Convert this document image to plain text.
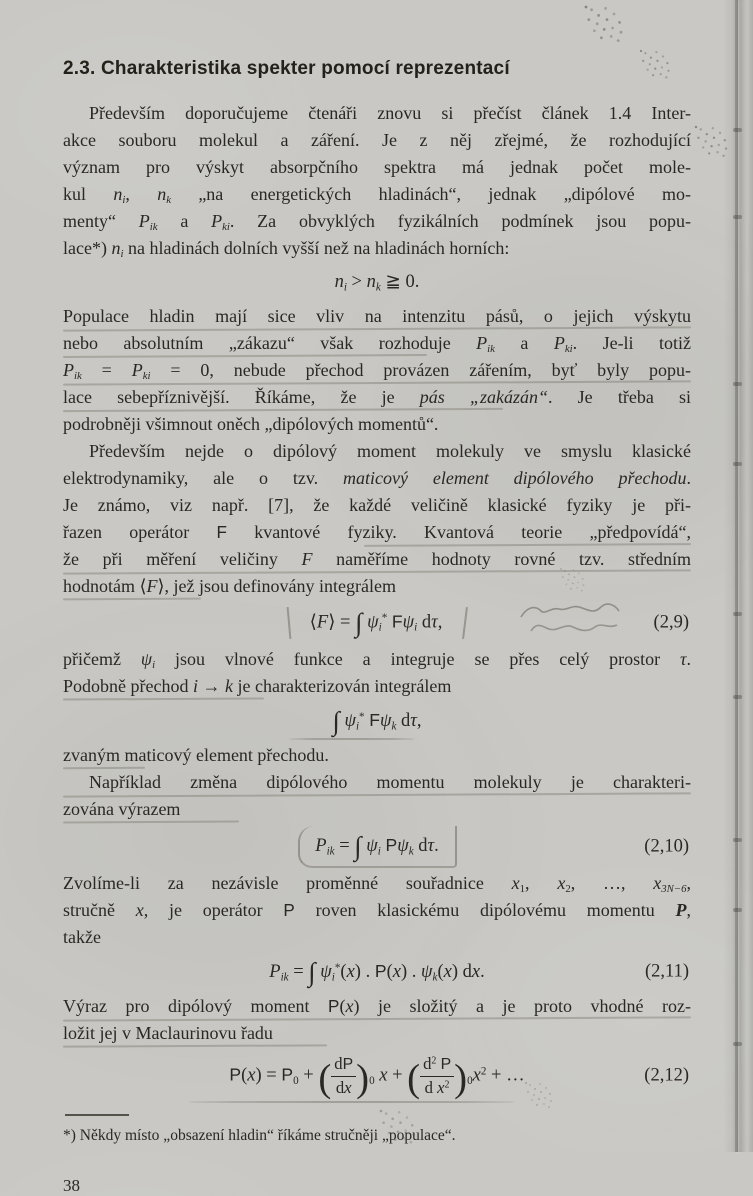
2.3. Charakteristika spekter pomocí reprezentací
Především doporučujeme čtenáři znovu si přečíst článek 1.4 Inter-
akce souboru molekul a záření. Je z něj zřejmé, že rozhodující
význam pro výskyt absorpčního spektra má jednak počet mole-
kul $n_i$, $n_k$ „na energetických hladinách“, jednak „dipólové mo-
menty“ $P_{ik}$ a $P_{ki}$. Za obvyklých fyzikálních podmínek jsou popu-
lace*) $n_i$ na hladinách dolních vyšší než na hladinách horních:
$n_i > n_k$ ≧ 0.
Populace hladin mají sice vliv na intenzitu pásů, o jejich výskytu
nebo absolutním „zákazu“ však rozhoduje $P_{ik}$ a $P_{ki}$. Je-li totiž
$P_{ik} = P_{ki} = 0$, nebude přechod provázen zářením, byť byly popu-
lace sebepříznivější. Říkáme, že je pás „zakázán“. Je třeba si
podrobněji všimnout oněch „dipólových momentů“.
Především nejde o dipólový moment molekuly ve smyslu klasické
elektrodynamiky, ale o tzv. maticový element dipólového přechodu.
Je známo, viz např. [7], že každé veličině klasické fyziky je při-
řazen operátor F kvantové fyziky. Kvantová teorie „předpovídá“,
že při měření veličiny F naměříme hodnoty rovné tzv. středním
hodnotám ⟨F⟩, jež jsou definovány integrálem
⟨F⟩ = ∫ $\psi_i^*$ $F\psi_i$ dτ,	(2,9)
přičemž $\psi_i$ jsou vlnové funkce a integruje se přes celý prostor τ.
Podobně přechod i → k je charakterizován integrálem
∫ $\psi_i^*$ $F\psi_k$ dτ,
zvaným maticový element přechodu.
Například změna dipólového momentu molekuly je charakteri-
zována výrazem
$P_{ik}$ = ∫ $\psi_i$ $P\psi_k$ dτ.	(2,10)
Zvolíme-li za nezávisle proměnné souřadnice $x_1$, $x_2$, …, $x_{3N-6}$,
stručně x, je operátor P roven klasickému dipólovému momentu P,
takže
$P_{ik}$ = ∫ $\psi_i^*(x)$ . P(x) . $\psi_k(x)$ dx.	(2,11)
Výraz pro dipólový moment P(x) je složitý a je proto vhodné roz-
ložit jej v Maclaurinovu řadu
$P(x) = P_0$ + ( $\frac{dP}{dx} )_0$ x + ( $\frac{d^2 P}{d x^2} )_0x^2$ + …	(2,12)
*) Někdy místo „obsazení hladin“ říkáme stručněji „populace“.
38
